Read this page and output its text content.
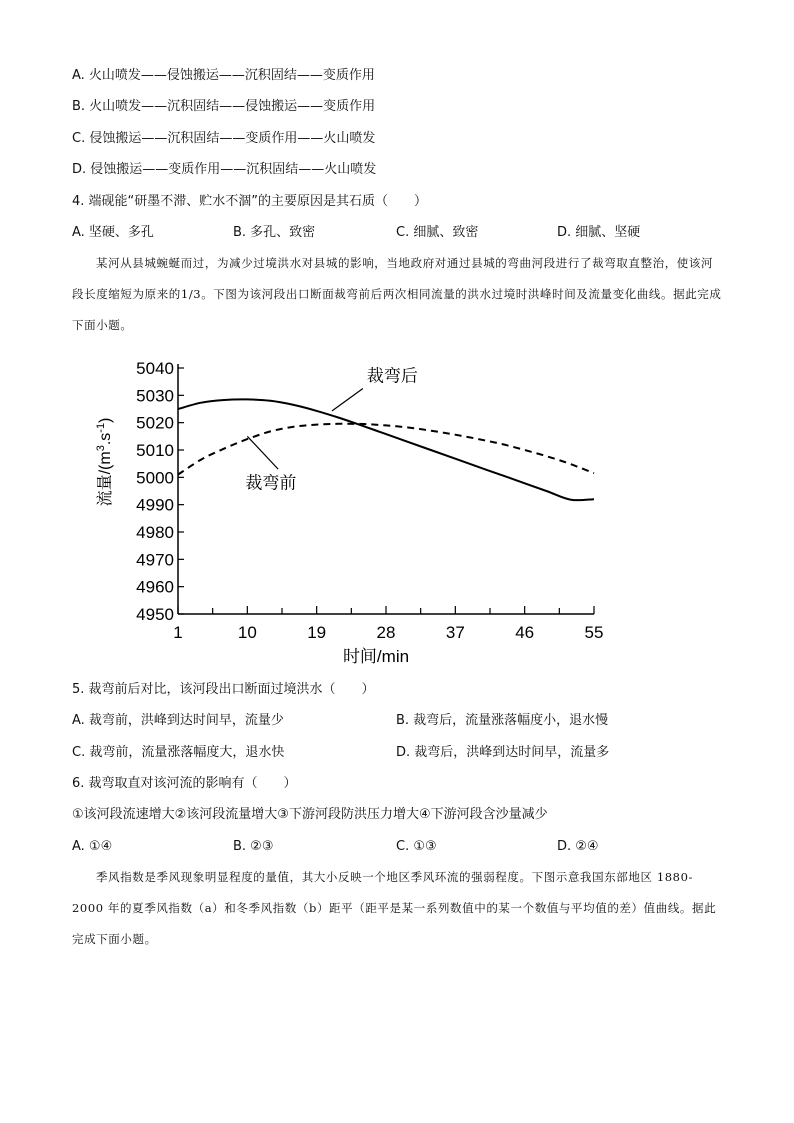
A. 火山喷发——侵蚀搬运——沉积固结——变质作用
B. 火山喷发——沉积固结——侵蚀搬运——变质作用
C. 侵蚀搬运——沉积固结——变质作用——火山喷发
D. 侵蚀搬运——变质作用——沉积固结——火山喷发
4. 端砚能“研墨不滞、贮水不涸”的主要原因是其石质（　　）
A. 坚硬、多孔	B. 多孔、致密	C. 细腻、致密	D. 细腻、坚硬
某河从县城蜿蜒而过，为减少过境洪水对县城的影响，当地政府对通过县城的弯曲河段进行了裁弯取直整治，使该河段长度缩短为原来的1/3。下图为该河段出口断面裁弯前后两次相同流量的洪水过境时洪峰时间及流量变化曲线。据此完成下面小题。
4950
4960
4970
4980
4990
5000
5010
5020
5030
5040
1	10	19	28	37	46	55
裁弯后
裁弯前
时间/min
流量$/(m^3.s^{-1})$
5. 裁弯前后对比，该河段出口断面过境洪水（　　）
A. 裁弯前，洪峰到达时间早，流量少	B. 裁弯后，流量涨落幅度小，退水慢
C. 裁弯前，流量涨落幅度大，退水快	D. 裁弯后，洪峰到达时间早，流量多
6. 裁弯取直对该河流的影响有（　　）
①该河段流速增大②该河段流量增大③下游河段防洪压力增大④下游河段含沙量减少
A. ①④	B. ②③	C. ①③	D. ②④
季风指数是季风现象明显程度的量值，其大小反映一个地区季风环流的强弱程度。下图示意我国东部地区 1880-2000 年的夏季风指数（a）和冬季风指数（b）距平（距平是某一系列数值中的某一个数值与平均值的差）值曲线。据此完成下面小题。
